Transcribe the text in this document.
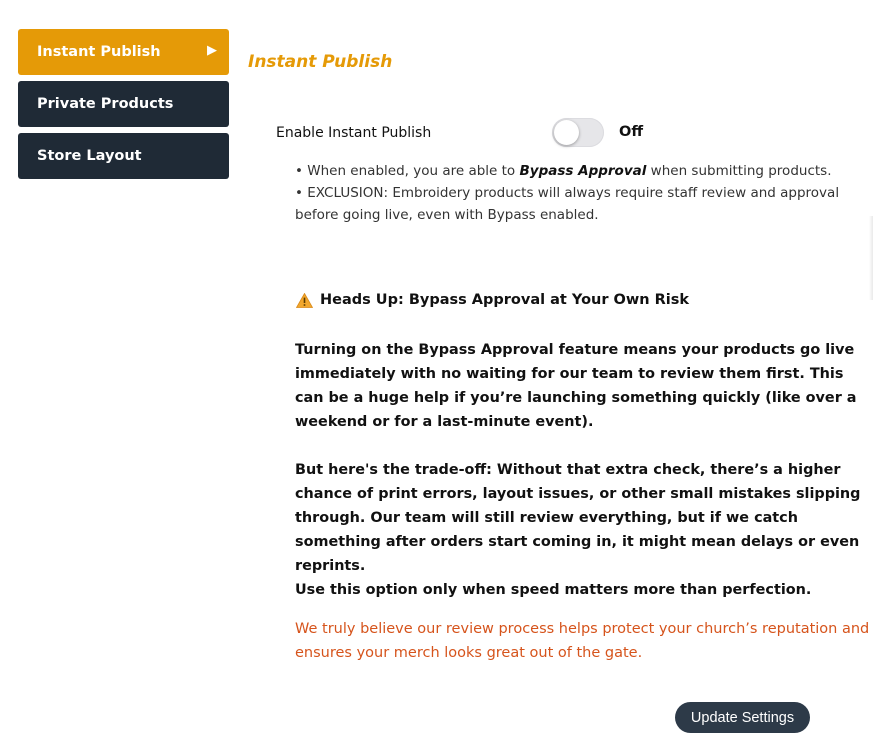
Instant Publish	▶
Private Products
Store Layout
Instant Publish
Enable Instant Publish	Off

• When enabled, you are able to Bypass Approval when submitting products.

• EXCLUSION: Embroidery products will always require staff review and approval before going live, even with Bypass enabled.

Heads Up: Bypass Approval at Your Own Risk

Turning on the Bypass Approval feature means your products go live immediately with no waiting for our team to review them first. This can be a huge help if you’re launching something quickly (like over a weekend or for a last-minute event).

But here's the trade-off: Without that extra check, there’s a higher chance of print errors, layout issues, or other small mistakes slipping through. Our team will still review everything, but if we catch something after orders start coming in, it might mean delays or even reprints.

Use this option only when speed matters more than perfection.

We truly believe our review process helps protect your church’s reputation and ensures your merch looks great out of the gate.

Update Settings
